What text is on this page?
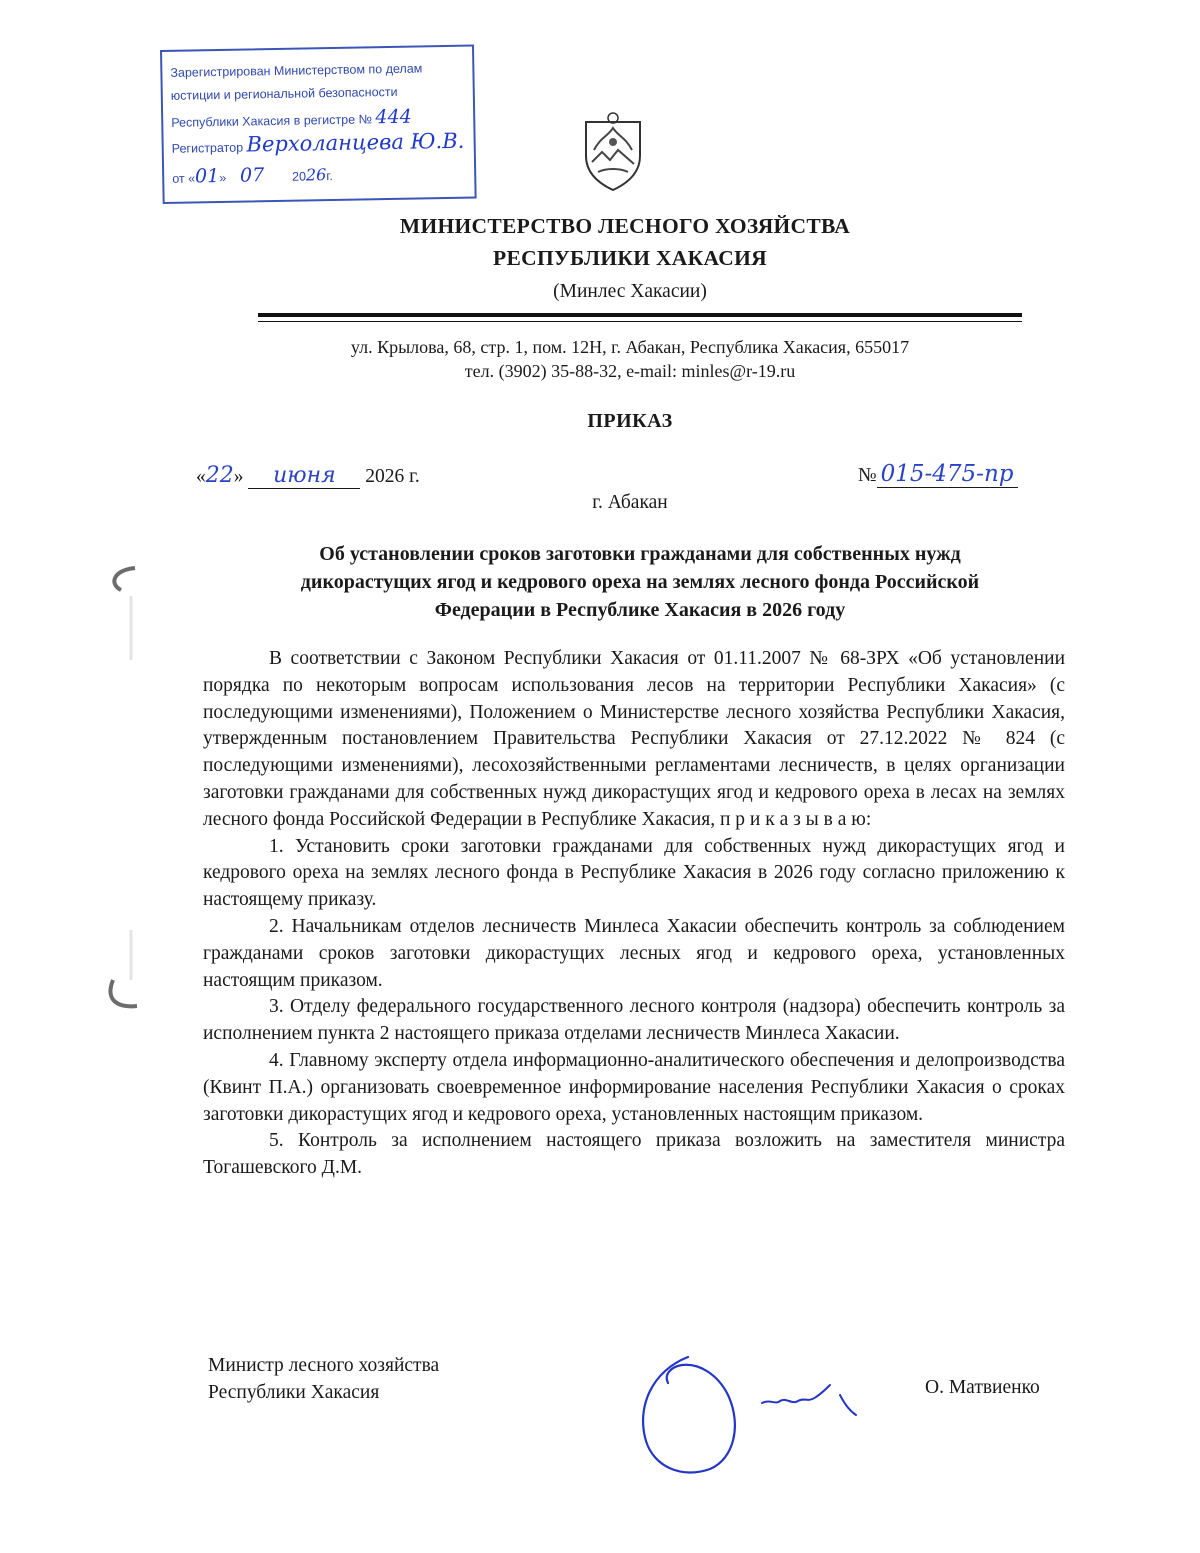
Зарегистрирован Министерством по делам
юстиции и региональной безопасности
Республики Хакасия в регистре № 444
Регистратор Верхоланцева Ю.В.
от «01»    07 2026г.
МИНИСТЕРСТВО ЛЕСНОГО ХОЗЯЙСТВА
РЕСПУБЛИКИ ХАКАСИЯ
(Минлес Хакасии)
ул. Крылова, 68, стр. 1, пом. 12Н, г. Абакан, Республика Хакасия, 655017
тел. (3902) 35-88-32, e-mail: minles@r-19.ru
ПРИКАЗ
«22» июня 2026 г.	№ 015-475-пр
г. Абакан
Об установлении сроков заготовки гражданами для собственных нужд
дикорастущих ягод и кедрового ореха на землях лесного фонда Российской
Федерации в Республике Хакасия в 2026 году

В соответствии с Законом Республики Хакасия от 01.11.2007 № 68-ЗРХ «Об установлении порядка по некоторым вопросам использования лесов на территории Республики Хакасия» (с последующими изменениями), Положением о Министерстве лесного хозяйства Республики Хакасия, утвержденным постановлением Правительства Республики Хакасия от 27.12.2022 № 824 (с последующими изменениями), лесохозяйственными регламентами лесничеств, в целях организации заготовки гражданами для собственных нужд дикорастущих ягод и кедрового ореха в лесах на землях лесного фонда Российской Федерации в Республике Хакасия, п р и к а з ы в а ю:

1. Установить сроки заготовки гражданами для собственных нужд дикорастущих ягод и кедрового ореха на землях лесного фонда в Республике Хакасия в 2026 году согласно приложению к настоящему приказу.

2. Начальникам отделов лесничеств Минлеса Хакасии обеспечить контроль за соблюдением гражданами сроков заготовки дикорастущих лесных ягод и кедрового ореха, установленных настоящим приказом.

3. Отделу федерального государственного лесного контроля (надзора) обеспечить контроль за исполнением пункта 2 настоящего приказа отделами лесничеств Минлеса Хакасии.

4. Главному эксперту отдела информационно-аналитического обеспечения и делопроизводства (Квинт П.А.) организовать своевременное информирование населения Республики Хакасия о сроках заготовки дикорастущих ягод и кедрового ореха, установленных настоящим приказом.

5. Контроль за исполнением настоящего приказа возложить на заместителя министра Тогашевского Д.М.

Министр лесного хозяйства
Республики Хакасия	О. Матвиенко
